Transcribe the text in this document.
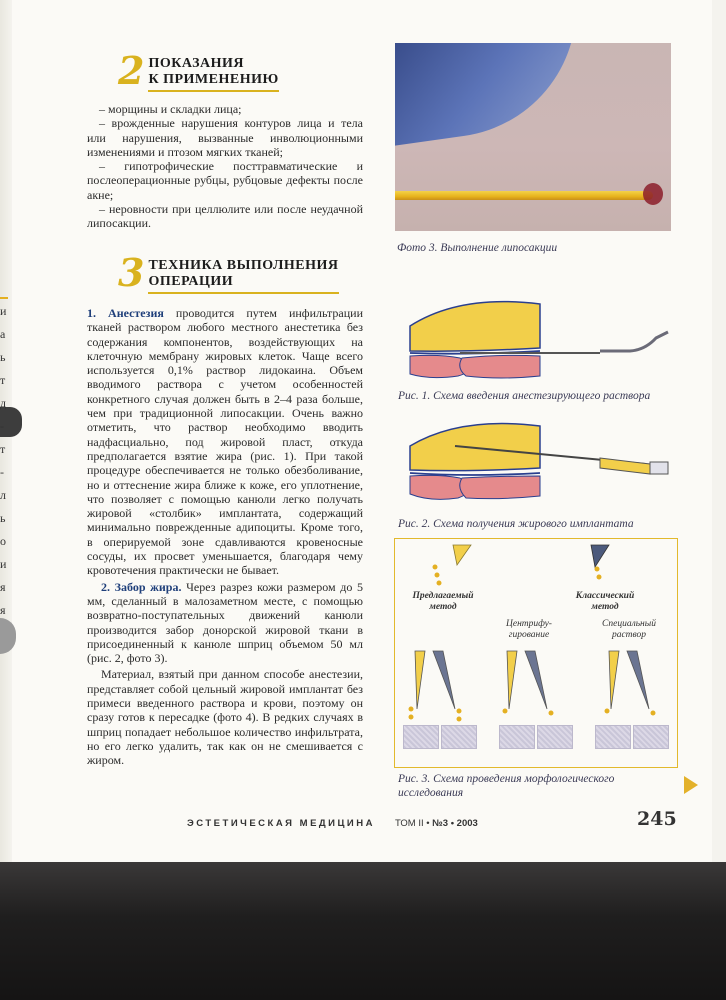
и
а
ь
т
д
-
т
-
л
ь
о
и
я
я
2 ПОКАЗАНИЯ
К ПРИМЕНЕНИЮ

– морщины и складки лица;

– врожденные нарушения контуров лица и тела или нарушения, вызванные инволюционными изменениями и птозом мягких тканей;

– гипотрофические посттравматические и послеоперационные рубцы, рубцовые дефекты после акне;

– неровности при целлюлите или после неудачной липосакции.

3 ТЕХНИКА ВЫПОЛНЕНИЯ
ОПЕРАЦИИ

1. Анестезия проводится путем инфильтрации тканей раствором любого местного анестетика без содержания компонентов, воздействующих на клеточную мембрану жировых клеток. Чаще всего используется 0,1% раствор лидокаина. Объем вводимого раствора с учетом особенностей конкретного случая должен быть в 2–4 раза больше, чем при традиционной липосакции. Очень важно отметить, что раствор необходимо вводить надфасциально, под жировой пласт, откуда предполагается взятие жира (рис. 1). При такой процедуре обеспечивается не только обезболивание, но и оттеснение жира ближе к коже, его уплотнение, что позволяет с помощью канюли легко получать жировой «столбик» имплантата, содержащий минимально поврежденные адипоциты. Кроме того, в оперируемой зоне сдавливаются кровеносные сосуды, их просвет уменьшается, благодаря чему кровотечения практически не бывает.

2. Забор жира. Через разрез кожи размером до 5 мм, сделанный в малозаметном месте, с помощью возвратно-поступательных движений канюли производится забор донорской жировой ткани в присоединенный к канюле шприц объемом 50 мл (рис. 2, фото 3).

Материал, взятый при данном способе анестезии, представляет собой цельный жировой имплантат без примеси введенного раствора и крови, поэтому он сразу готов к пересадке (фото 4). В редких случаях в шприц попадает небольшое количество инфильтрата, но его легко удалить, так как он не смешивается с жиром.

Фото 3. Выполнение липосакции
Рис. 1. Схема введения анестезирующего раствора
Рис. 2. Схема получения жирового имплантата
Предлагаемый
метод
Классический
метод
Центрифу-
гирование
Специальный
раствор
Рис. 3. Схема проведения морфологического
исследования
ЭСТЕТИЧЕСКАЯ МЕДИЦИНА ТОМ II • №3 • 2003	245
